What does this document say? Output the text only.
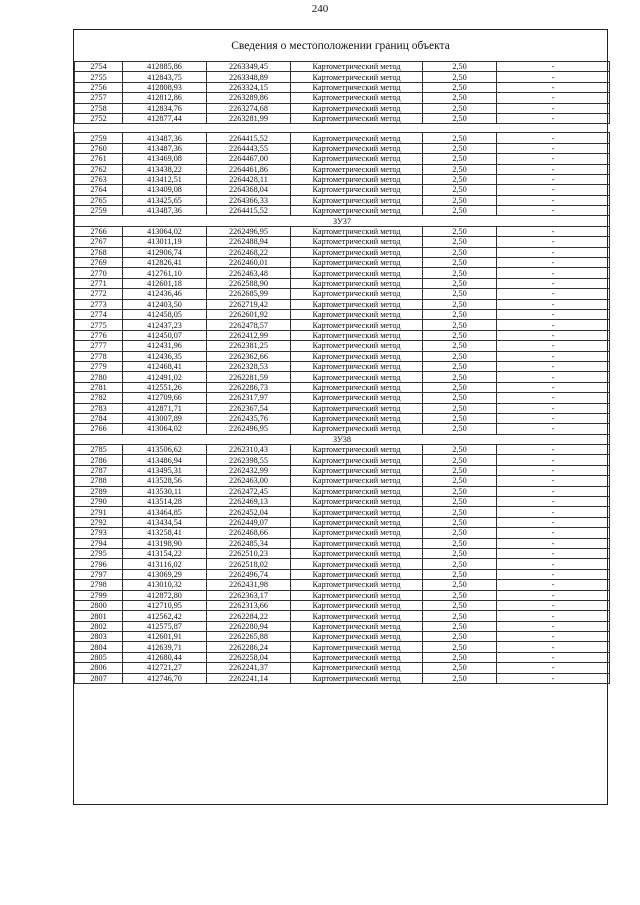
240
Сведения о местоположении границ объекта
2754	412885,86	2263349,45	Картометрический метод	2,50	-
2755	412843,75	2263348,89	Картометрический метод	2,50	-
2756	412808,93	2263324,15	Картометрический метод	2,50	-
2757	412812,86	2263289,86	Картометрический метод	2,50	-
2758	412834,76	2263274,68	Картометрический метод	2,50	-
2752	412877,44	2263281,99	Картометрический метод	2,50	-

2759	413487,36	2264415,52	Картометрический метод	2,50	-
2760	413487,36	2264443,55	Картометрический метод	2,50	-
2761	413469,08	2264467,00	Картометрический метод	2,50	-
2762	413438,22	2264461,86	Картометрический метод	2,50	-
2763	413412,51	2264428,11	Картометрический метод	2,50	-
2764	413409,08	2264368,04	Картометрический метод	2,50	-
2765	413425,65	2264366,33	Картометрический метод	2,50	-
2759	413487,36	2264415,52	Картометрический метод	2,50	-
ЗУ37					
2766	413064,02	2262496,95	Картометрический метод	2,50	-
2767	413011,19	2262488,94	Картометрический метод	2,50	-
2768	412906,74	2262468,22	Картометрический метод	2,50	-
2769	412826,41	2262460,01	Картометрический метод	2,50	-
2770	412761,10	2262463,48	Картометрический метод	2,50	-
2771	412601,18	2262588,90	Картометрический метод	2,50	-
2772	412436,46	2262685,99	Картометрический метод	2,50	-
2773	412403,50	2262719,42	Картометрический метод	2,50	-
2774	412458,05	2262601,92	Картометрический метод	2,50	-
2775	412437,23	2262478,57	Картометрический метод	2,50	-
2776	412450,07	2262412,99	Картометрический метод	2,50	-
2777	412431,96	2262381,25	Картометрический метод	2,50	-
2778	412436,35	2262362,66	Картометрический метод	2,50	-
2779	412468,41	2262328,53	Картометрический метод	2,50	-
2780	412491,02	2262281,59	Картометрический метод	2,50	-
2781	412551,26	2262286,73	Картометрический метод	2,50	-
2782	412709,66	2262317,97	Картометрический метод	2,50	-
2783	412871,71	2262367,54	Картометрический метод	2,50	-
2784	413007,89	2262435,76	Картометрический метод	2,50	-
2766	413064,02	2262496,95	Картометрический метод	2,50	-
ЗУ38					
2785	413506,62	2262310,43	Картометрический метод	2,50	-
2786	413486,94	2262398,55	Картометрический метод	2,50	-
2787	413495,31	2262432,99	Картометрический метод	2,50	-
2788	413528,56	2262463,00	Картометрический метод	2,50	-
2789	413530,11	2262472,45	Картометрический метод	2,50	-
2790	413514,28	2262469,13	Картометрический метод	2,50	-
2791	413464,85	2262452,04	Картометрический метод	2,50	-
2792	413434,54	2262449,07	Картометрический метод	2,50	-
2793	413258,41	2262468,66	Картометрический метод	2,50	-
2794	413198,90	2262485,34	Картометрический метод	2,50	-
2795	413154,22	2262510,23	Картометрический метод	2,50	-
2796	413116,02	2262518,02	Картометрический метод	2,50	-
2797	413069,29	2262496,74	Картометрический метод	2,50	-
2798	413010,32	2262431,98	Картометрический метод	2,50	-
2799	412872,80	2262363,17	Картометрический метод	2,50	-
2800	412710,95	2262313,66	Картометрический метод	2,50	-
2801	412562,42	2262284,22	Картометрический метод	2,50	-
2802	412575,87	2262280,94	Картометрический метод	2,50	-
2803	412601,91	2262265,88	Картометрический метод	2,50	-
2804	412639,71	2262286,24	Картометрический метод	2,50	-
2805	412680,44	2262258,04	Картометрический метод	2,50	-
2806	412721,27	2262241,37	Картометрический метод	2,50	-
2807	412746,70	2262241,14	Картометрический метод	2,50	-
